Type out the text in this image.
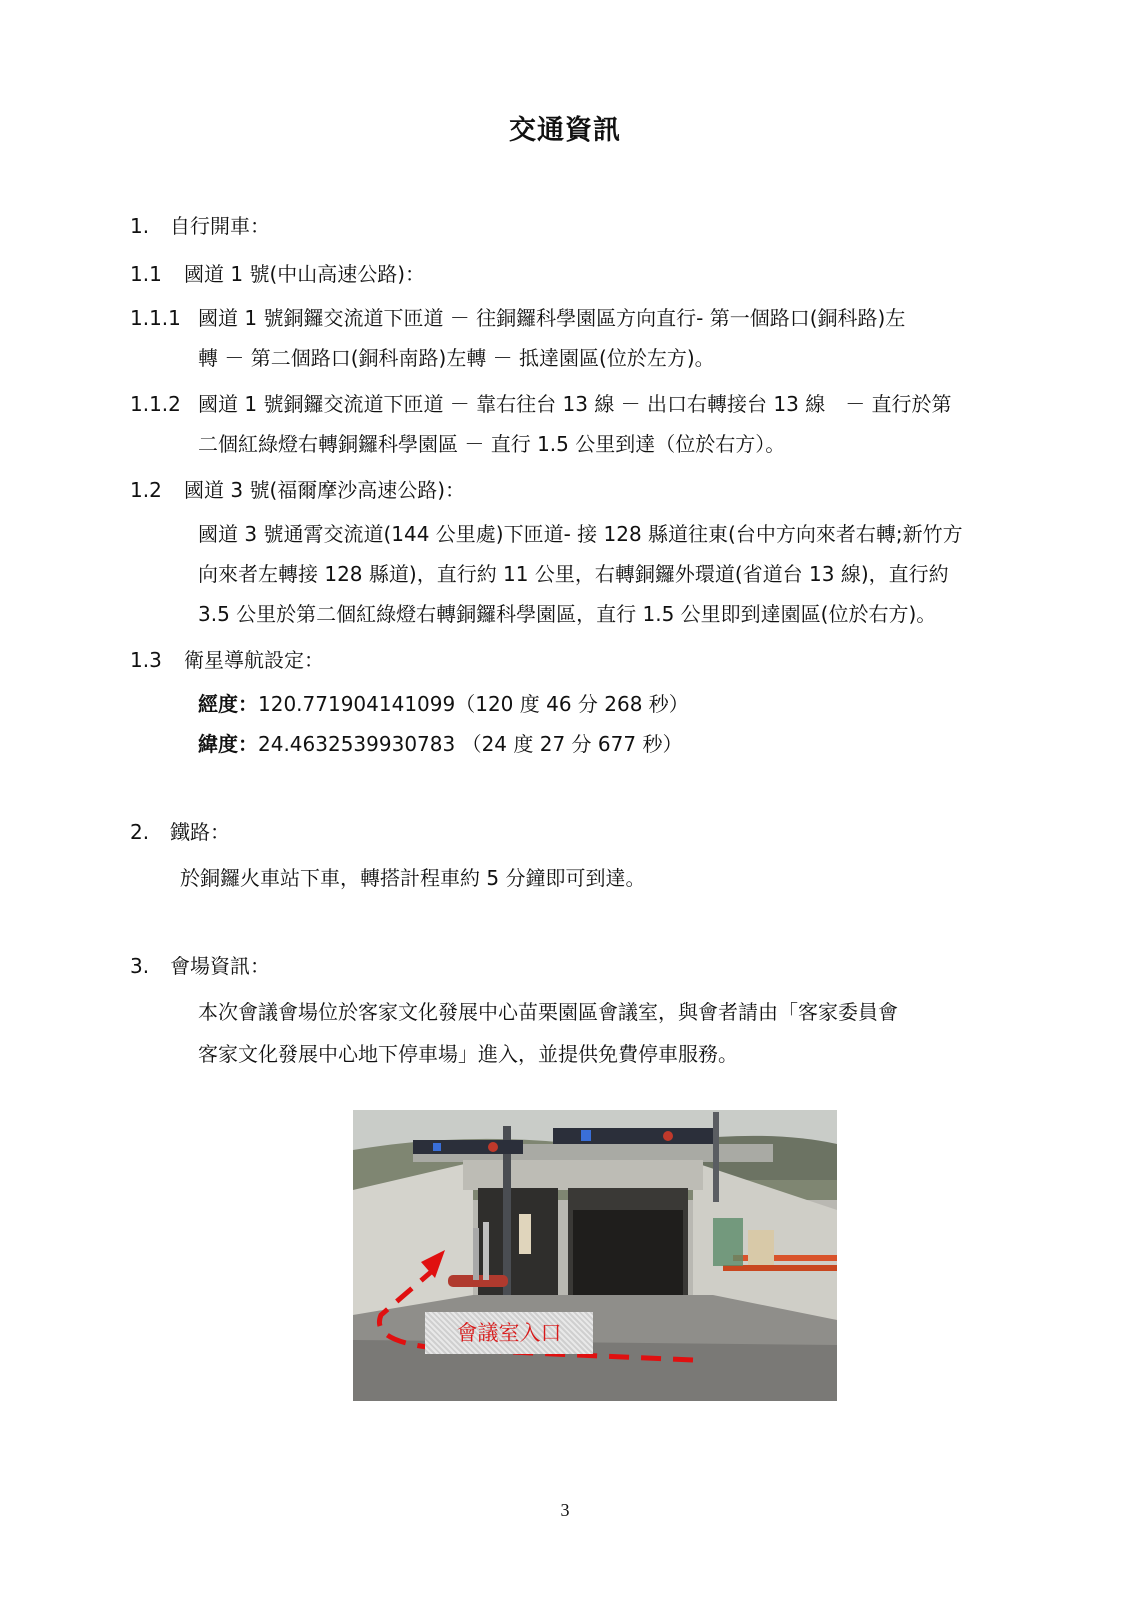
交通資訊
1. 自行開車：
1.1 國道 1 號(中山高速公路)：
1.1.1 國道 1 號銅鑼交流道下匝道 － 往銅鑼科學園區方向直行- 第一個路口(銅科路)左
轉 － 第二個路口(銅科南路)左轉 － 抵達園區(位於左方)。
1.1.2 國道 1 號銅鑼交流道下匝道 － 靠右往台 13 線 － 出口右轉接台 13 線　－ 直行於第
二個紅綠燈右轉銅鑼科學園區 － 直行 1.5 公里到達（位於右方）。
1.2 國道 3 號(福爾摩沙高速公路)：
國道 3 號通霄交流道(144 公里處)下匝道- 接 128 縣道往東(台中方向來者右轉;新竹方
向來者左轉接 128 縣道)，直行約 11 公里，右轉銅鑼外環道(省道台 13 線)，直行約
3.5 公里於第二個紅綠燈右轉銅鑼科學園區，直行 1.5 公里即到達園區(位於右方)。
1.3 衛星導航設定：
經度：120.771904141099（120 度 46 分 268 秒）
緯度：24.4632539930783 （24 度 27 分 677 秒）
2. 鐵路：
於銅鑼火車站下車，轉搭計程車約 5 分鐘即可到達。
3. 會場資訊：
本次會議會場位於客家文化發展中心苗栗園區會議室，與會者請由「客家委員會
客家文化發展中心地下停車場」進入，並提供免費停車服務。
會議室入口
3
